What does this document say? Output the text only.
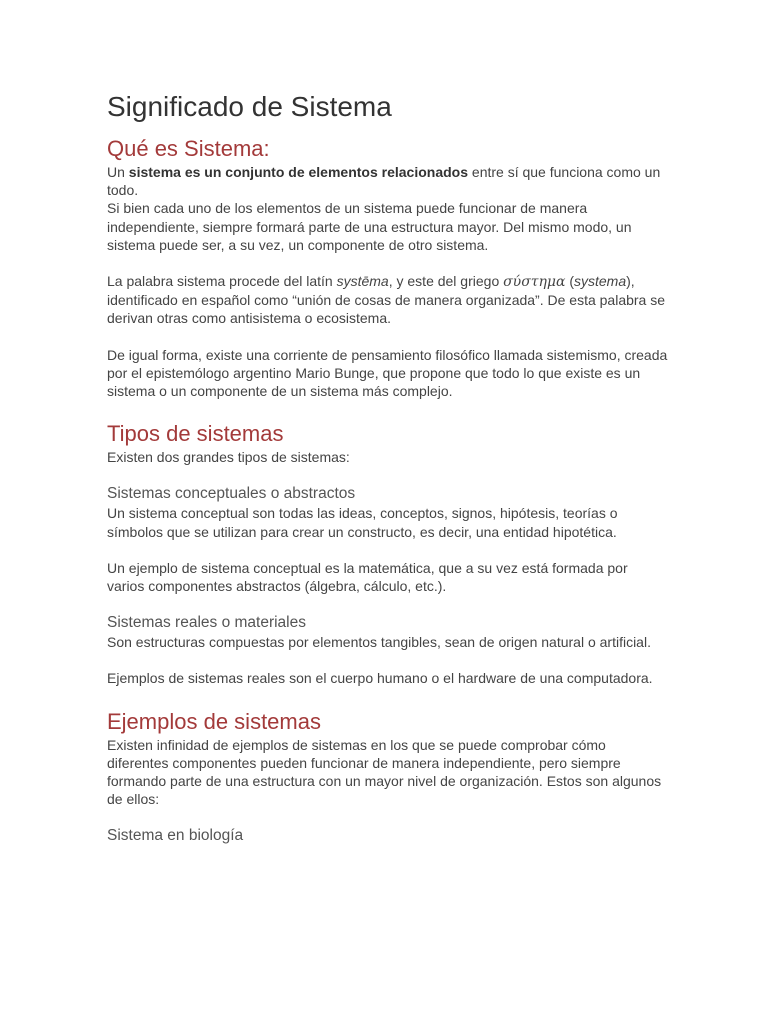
Significado de Sistema
Qué es Sistema:

Un sistema es un conjunto de elementos relacionados entre sí que funciona como un todo.

Si bien cada uno de los elementos de un sistema puede funcionar de manera independiente, siempre formará parte de una estructura mayor. Del mismo modo, un sistema puede ser, a su vez, un componente de otro sistema.

La palabra sistema procede del latín systēma, y este del griego σύστημα (systema), identificado en español como “unión de cosas de manera organizada”. De esta palabra se derivan otras como antisistema o ecosistema.

De igual forma, existe una corriente de pensamiento filosófico llamada sistemismo, creada por el epistemólogo argentino Mario Bunge, que propone que todo lo que existe es un sistema o un componente de un sistema más complejo.

Tipos de sistemas

Existen dos grandes tipos de sistemas:

Sistemas conceptuales o abstractos

Un sistema conceptual son todas las ideas, conceptos, signos, hipótesis, teorías o símbolos que se utilizan para crear un constructo, es decir, una entidad hipotética.

Un ejemplo de sistema conceptual es la matemática, que a su vez está formada por varios componentes abstractos (álgebra, cálculo, etc.).

Sistemas reales o materiales

Son estructuras compuestas por elementos tangibles, sean de origen natural o artificial.

Ejemplos de sistemas reales son el cuerpo humano o el hardware de una computadora.

Ejemplos de sistemas

Existen infinidad de ejemplos de sistemas en los que se puede comprobar cómo diferentes componentes pueden funcionar de manera independiente, pero siempre formando parte de una estructura con un mayor nivel de organización. Estos son algunos de ellos:

Sistema en biología
